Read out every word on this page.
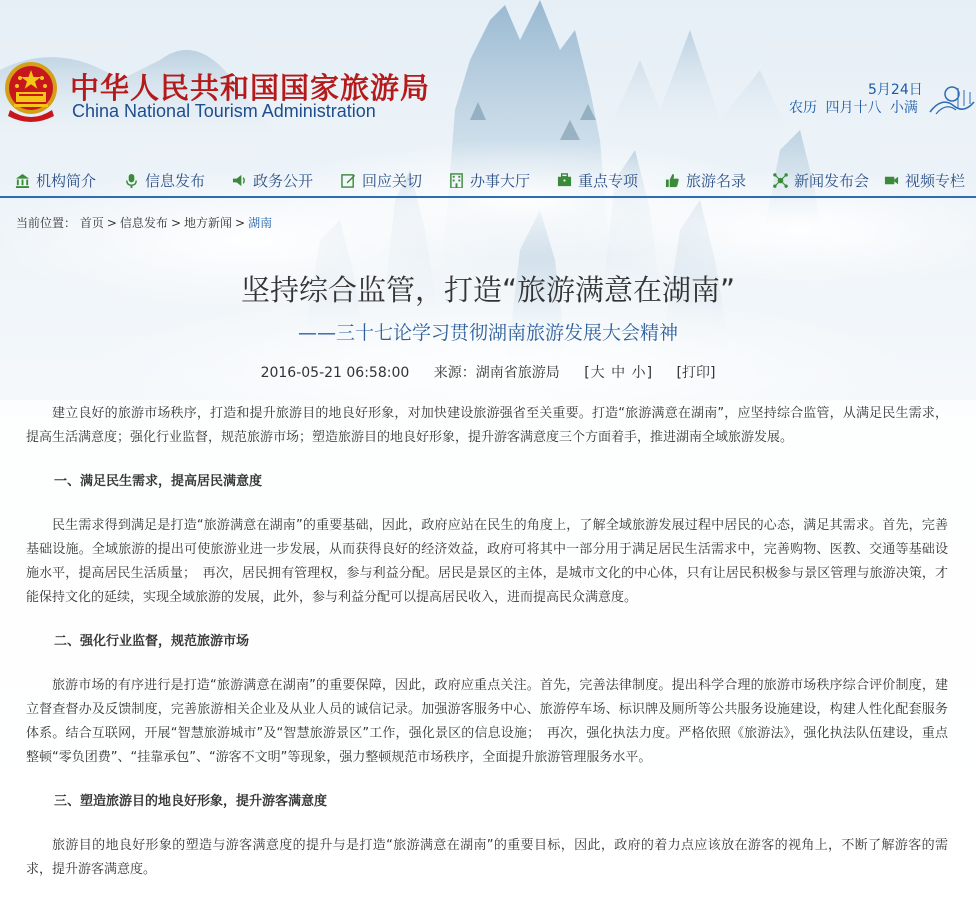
中华人民共和国国家旅游局
China National Tourism Administration
5月24日
农历 四月十八 小满
机构简介	信息发布	政务公开	回应关切	办事大厅	重点专项	旅游名录	新闻发布会	视频专栏
当前位置： 首页 > 信息发布 > 地方新闻 > 湖南
坚持综合监管，打造“旅游满意在湖南”
——三十七论学习贯彻湖南旅游发展大会精神
2016-05-21 06:58:00 来源：湖南省旅游局 [大 中 小] [打印]

建立良好的旅游市场秩序，打造和提升旅游目的地良好形象，对加快建设旅游强省至关重要。打造“旅游满意在湖南”，应坚持综合监管，从满足民生需求，提高生活满意度；强化行业监督，规范旅游市场；塑造旅游目的地良好形象，提升游客满意度三个方面着手，推进湖南全域旅游发展。

一、满足民生需求，提高居民满意度

民生需求得到满足是打造“旅游满意在湖南”的重要基础，因此，政府应站在民生的角度上，了解全域旅游发展过程中居民的心态，满足其需求。首先，完善基础设施。全域旅游的提出可使旅游业进一步发展，从而获得良好的经济效益，政府可将其中一部分用于满足居民生活需求中，完善购物、医教、交通等基础设施水平，提高居民生活质量；　再次，居民拥有管理权，参与利益分配。居民是景区的主体，是城市文化的中心体，只有让居民积极参与景区管理与旅游决策，才能保持文化的延续，实现全域旅游的发展，此外，参与利益分配可以提高居民收入，进而提高民众满意度。

二、强化行业监督，规范旅游市场

旅游市场的有序进行是打造“旅游满意在湖南”的重要保障，因此，政府应重点关注。首先，完善法律制度。提出科学合理的旅游市场秩序综合评价制度，建立督查督办及反馈制度，完善旅游相关企业及从业人员的诚信记录。加强游客服务中心、旅游停车场、标识牌及厕所等公共服务设施建设，构建人性化配套服务体系。结合互联网，开展“智慧旅游城市”及“智慧旅游景区”工作，强化景区的信息设施；　再次，强化执法力度。严格依照《旅游法》，强化执法队伍建设，重点整顿“零负团费”、“挂靠承包”、“游客不文明”等现象，强力整顿规范市场秩序，全面提升旅游管理服务水平。

三、塑造旅游目的地良好形象，提升游客满意度

旅游目的地良好形象的塑造与游客满意度的提升与是打造“旅游满意在湖南”的重要目标，因此，政府的着力点应该放在游客的视角上，不断了解游客的需求，提升游客满意度。
